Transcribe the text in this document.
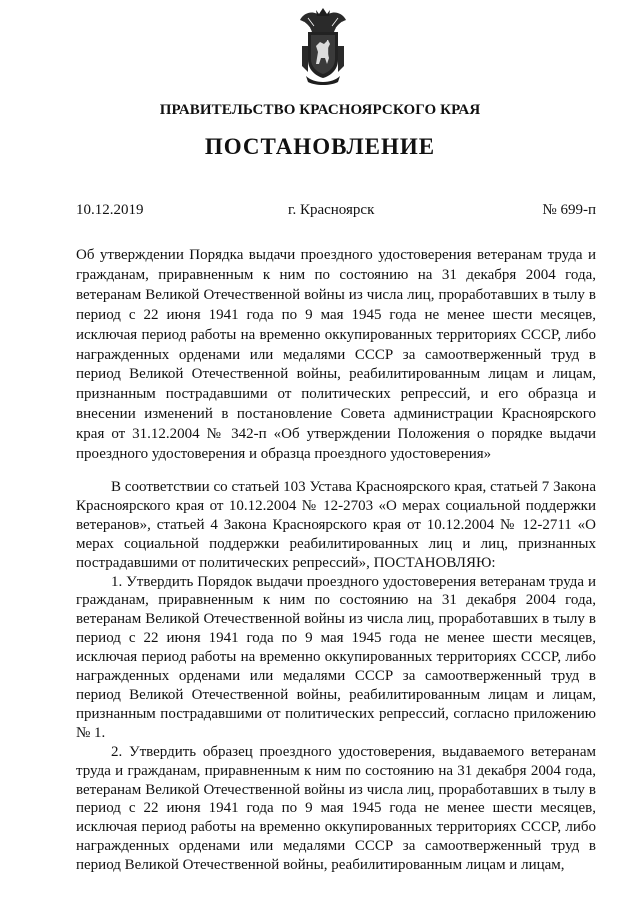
ПРАВИТЕЛЬСТВО КРАСНОЯРСКОГО КРАЯ
ПОСТАНОВЛЕНИЕ
10.12.2019	г. Красноярск	№ 699-п

Об утверждении Порядка выдачи проездного удостоверения ветеранам труда и гражданам, приравненным к ним по состоянию на 31 декабря 2004 года, ветеранам Великой Отечественной войны из числа лиц, проработавших в тылу в период с 22 июня 1941 года по 9 мая 1945 года не менее шести месяцев, исключая период работы на временно оккупированных территориях СССР, либо награжденных орденами или медалями СССР за самоотверженный труд в период Великой Отечественной войны, реабилитированным лицам и лицам, признанным пострадавшими от политических репрессий, и его образца и внесении изменений в постановление Совета администрации Красноярского края от 31.12.2004 № 342-п «Об утверждении Положения о порядке выдачи проездного удостоверения и образца проездного удостоверения»

В соответствии со статьей 103 Устава Красноярского края, статьей 7 Закона Красноярского края от 10.12.2004 № 12-2703 «О мерах социальной поддержки ветеранов», статьей 4 Закона Красноярского края от 10.12.2004 № 12-2711 «О мерах социальной поддержки реабилитированных лиц и лиц, признанных пострадавшими от политических репрессий», ПОСТАНОВЛЯЮ:

1. Утвердить Порядок выдачи проездного удостоверения ветеранам труда и гражданам, приравненным к ним по состоянию на 31 декабря 2004 года, ветеранам Великой Отечественной войны из числа лиц, проработавших в тылу в период с 22 июня 1941 года по 9 мая 1945 года не менее шести месяцев, исключая период работы на временно оккупированных территориях СССР, либо награжденных орденами или медалями СССР за самоотверженный труд в период Великой Отечественной войны, реабилитированным лицам и лицам, признанным пострадавшими от политических репрессий, согласно приложению № 1.

2. Утвердить образец проездного удостоверения, выдаваемого ветеранам труда и гражданам, приравненным к ним по состоянию на 31 декабря 2004 года, ветеранам Великой Отечественной войны из числа лиц, проработавших в тылу в период с 22 июня 1941 года по 9 мая 1945 года не менее шести месяцев, исключая период работы на временно оккупированных территориях СССР, либо награжденных орденами или медалями СССР за самоотверженный труд в период Великой Отечественной войны, реабилитированным лицам и лицам,
